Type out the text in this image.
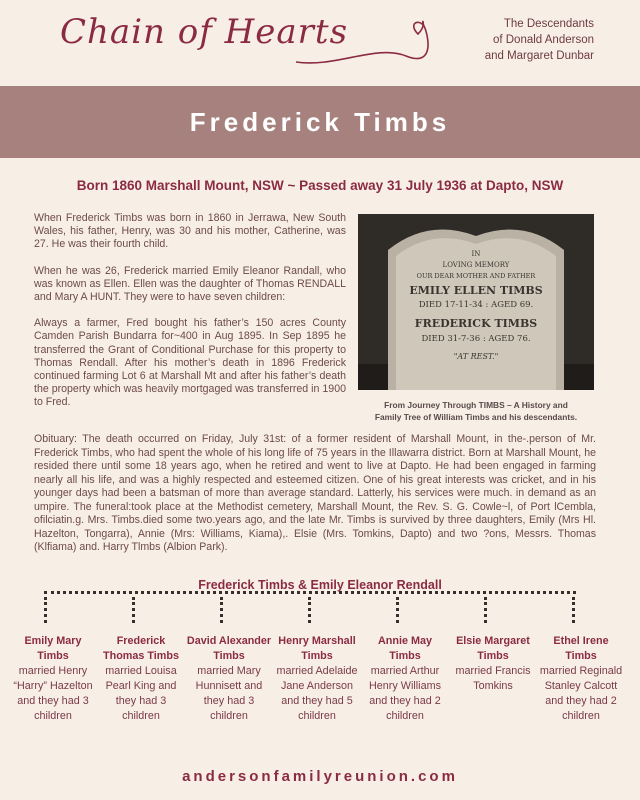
Chain of Hearts	The Descendants
of Donald Anderson
and Margaret Dunbar
Frederick Timbs
Born 1860 Marshall Mount, NSW ~ Passed away 31 July 1936 at Dapto, NSW

When Frederick Timbs was born in 1860 in Jerrawa, New South Wales, his father, Henry, was 30 and his mother, Catherine, was 27. He was their fourth child.

When he was 26, Frederick married Emily Eleanor Randall, who was known as Ellen. Ellen was the daughter of Thomas RENDALL and Mary A HUNT. They were to have seven children:

Always a farmer, Fred bought his father’s 150 acres County Camden Parish Bundarra for~400 in Aug 1895. In Sep 1895 he transferred the Grant of Conditional Purchase for this property to Thomas Rendall. After his mother’s death in 1896 Frederick continued farming Lot 6 at Marshall Mt and after his father’s death the property which was heavily mortgaged was transferred in 1900 to Fred.

IN
LOVING MEMORY
OUR DEAR MOTHER AND FATHER
EMILY ELLEN TIMBS
DIED 17-11-34 : AGED 69.
FREDERICK TIMBS
DIED 31-7-36 : AGED 76.
"AT REST."
From Journey Through TIMBS – A History and
Family Tree of William Timbs and his descendants.
Obituary: The death occurred on Friday, July 31st: of a former resident of Marshall Mount, in the-.person of Mr. Frederick Timbs, who had spent the whole of his long life of 75 years in the Illawarra district. Born at Marshall Mount, he resided there until some 18 years ago, when he retired and went to live at Dapto. He had been engaged in farming nearly all his life, and was a highly respected and esteemed citizen. One of his great interests was cricket, and in his younger days had been a batsman of more than average standard. Latterly, his services were much. in demand as an umpire. The funeral:took place at the Methodist cemetery, Marshall Mount, the Rev. S. G. Cowle~l, of Port lCembla, ofilciatin.g. Mrs. Timbs.died some two.years ago, and the late Mr. Timbs is survived by three daughters, Emily (Mrs Hl. Hazelton, Tongarra), Annie (Mrs: Williams, Kiama),. Elsie (Mrs. Tomkins, Dapto) and two ?ons, Messrs. Thomas (Klfiama) and. Harry Tlmbs (Albion Park).
Frederick Timbs & Emily Eleanor Rendall
Emily Mary Timbs
married Henry “Harry” Hazelton and they had 3 children
Frederick Thomas Timbs
married Louisa Pearl King and they had 3 children
David Alexander Timbs
married Mary Hunnisett and they had 3 children
Henry Marshall Timbs
married Adelaide Jane Anderson and they had 5 children
Annie May Timbs
married Arthur Henry Williams and they had 2 children
Elsie Margaret Timbs
married Francis Tomkins
Ethel Irene Timbs
married Reginald Stanley Calcott and they had 2 children
andersonfamilyreunion.com
